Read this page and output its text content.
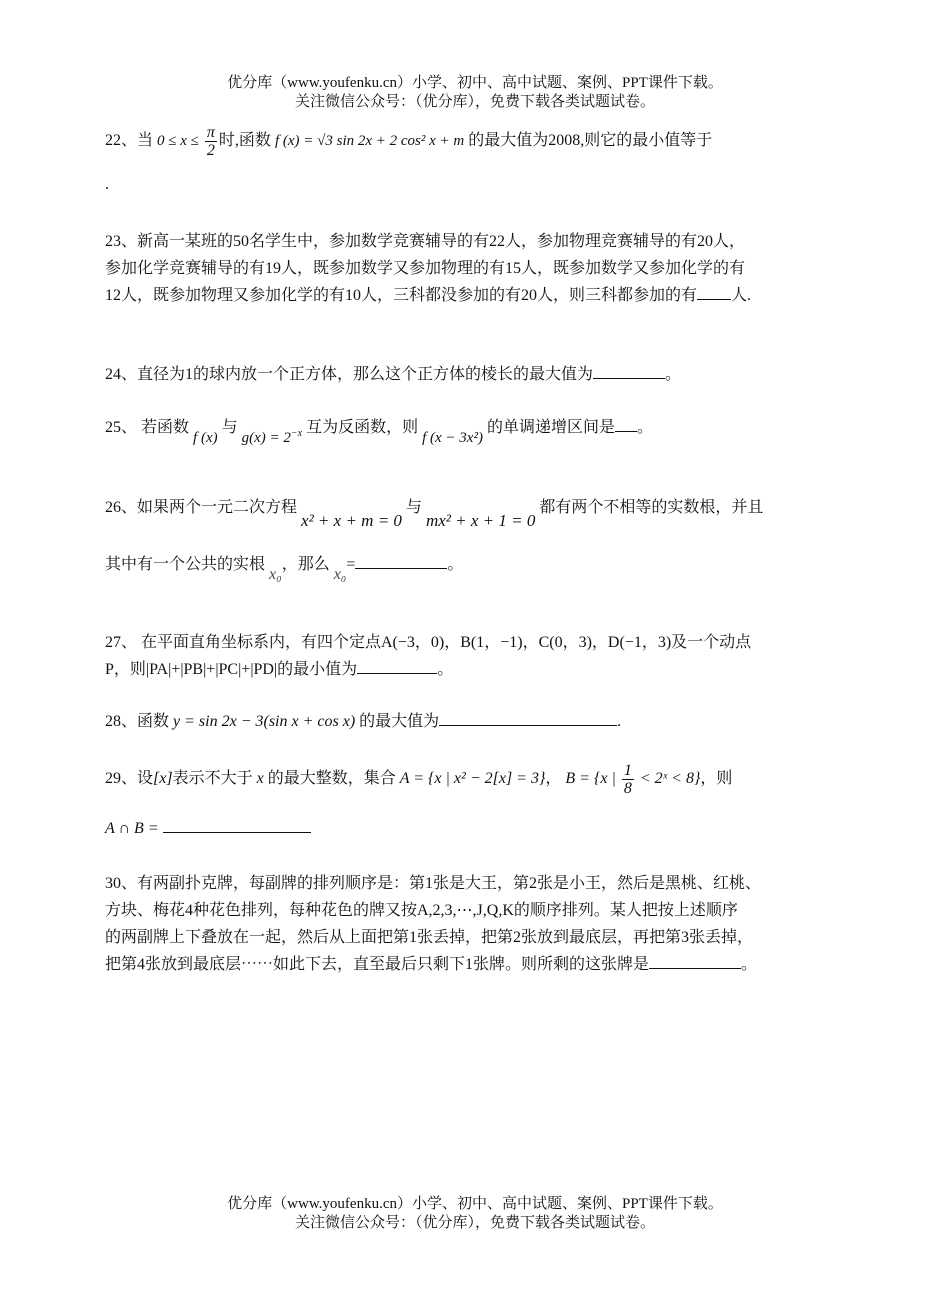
优分库（www.youfenku.cn）小学、初中、高中试题、案例、PPT课件下载。
关注微信公众号：（优分库），免费下载各类试题试卷。
22、当 $0 \le x \le \frac{\pi}{2}$ 时,函数 f (x) = √3 sin 2x + 2 cos² x + m 的最大值为2008,则它的最小值等于
.
23、新高一某班的50名学生中，参加数学竞赛辅导的有22人，参加物理竞赛辅导的有20人，
参加化学竞赛辅导的有19人，既参加数学又参加物理的有15人，既参加数学又参加化学的有
12人，既参加物理又参加化学的有10人，三科都没参加的有20人，则三科都参加的有 人.
24、直径为1的球内放一个正方体，那么这个正方体的棱长的最大值为	。
25、 若函数 f (x) 与 $g(x) = 2^{-x}$ 互为反函数，则 f (x − 3x²) 的单调递增区间是 。
26、如果两个一元二次方程 x² + x + m = 0 与 mx² + x + 1 = 0 都有两个不相等的实数根，并且
其中有一个公共的实根 x₀，那么 x₀=	。
27、 在平面直角坐标系内，有四个定点A(−3，0)，B(1，−1)，C(0，3)，D(−1，3)及一个动点
P，则|PA|+|PB|+|PC|+|PD|的最小值为	。
28、函数 y = sin 2x − 3(sin x + cos x) 的最大值为	.
29、设[x]表示不大于 x 的最大整数，集合 A = {x | x² − 2[x] = 3}， B = {x | $\frac{1}{8}$ < 2ˣ < 8}，则
A ∩ B =
30、有两副扑克牌，每副牌的排列顺序是：第1张是大王，第2张是小王，然后是黑桃、红桃、
方块、梅花4种花色排列，每种花色的牌又按A,2,3,⋯,J,Q,K的顺序排列。某人把按上述顺序
的两副牌上下叠放在一起，然后从上面把第1张丢掉，把第2张放到最底层，再把第3张丢掉，
把第4张放到最底层⋯⋯如此下去，直至最后只剩下1张牌。则所剩的这张牌是	。
优分库（www.youfenku.cn）小学、初中、高中试题、案例、PPT课件下载。
关注微信公众号：（优分库），免费下载各类试题试卷。
